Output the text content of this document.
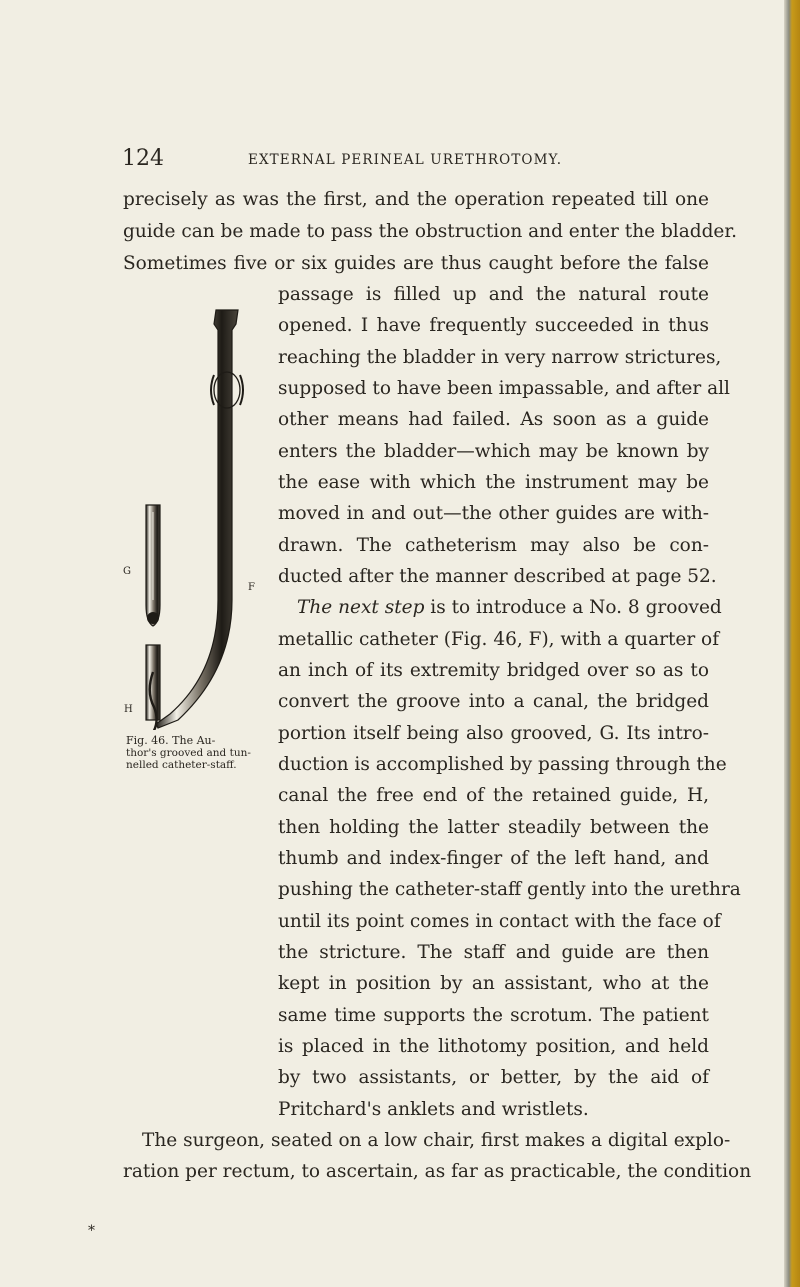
124	EXTERNAL PERINEAL URETHROTOMY.
precisely as was the first, and the operation repeated till one
guide can be made to pass the obstruction and enter the bladder.
Sometimes five or six guides are thus caught before the false
passage is filled up and the natural route
opened. I have frequently succeeded in thus
reaching the bladder in very narrow strictures,
supposed to have been impassable, and after all
other means had failed. As soon as a guide
enters the bladder—which may be known by
the ease with which the instrument may be
moved in and out—the other guides are with-
drawn. The catheterism may also be con-
ducted after the manner described at page 52.
The next step is to introduce a No. 8 grooved
metallic catheter (Fig. 46, F), with a quarter of
an inch of its extremity bridged over so as to
convert the groove into a canal, the bridged
portion itself being also grooved, G. Its intro-
duction is accomplished by passing through the
canal the free end of the retained guide, H,
then holding the latter steadily between the
thumb and index-finger of the left hand, and
pushing the catheter-staff gently into the urethra
until its point comes in contact with the face of
the stricture. The staff and guide are then
kept in position by an assistant, who at the
same time supports the scrotum. The patient
is placed in the lithotomy position, and held
by two assistants, or better, by the aid of
Pritchard's anklets and wristlets.
The surgeon, seated on a low chair, first makes a digital explo-
ration per rectum, to ascertain, as far as practicable, the condition
G
F
H
Fig. 46. The Au-
thor's grooved and tun-
nelled catheter-staff.
*
